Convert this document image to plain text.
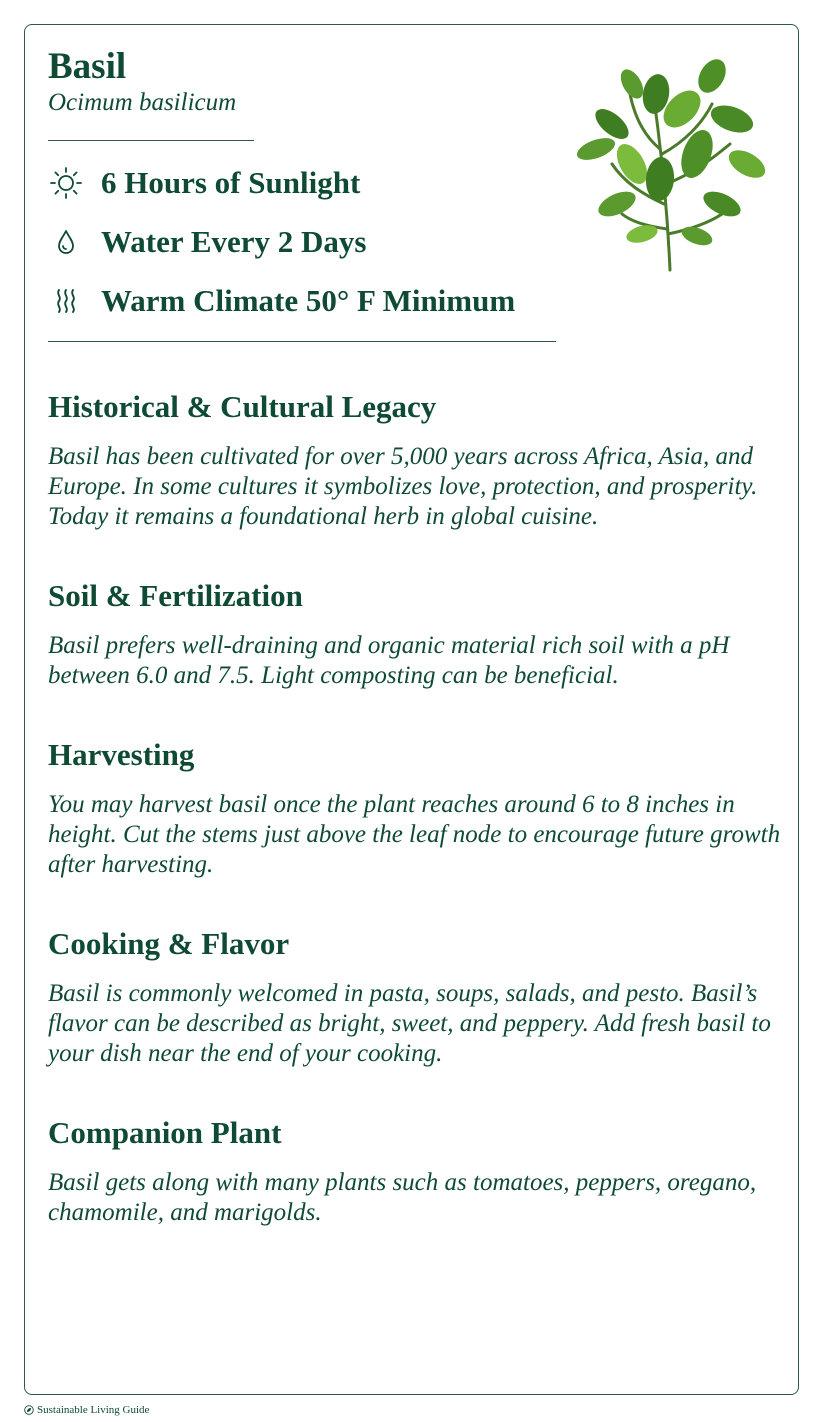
Basil
Ocimum basilicum
6 Hours of Sunlight
Water Every 2 Days
Warm Climate 50° F Minimum
Historical & Cultural Legacy

Basil has been cultivated for over 5,000 years across Africa, Asia, and Europe. In some cultures it symbolizes love, protection, and prosperity. Today it remains a foundational herb in global cuisine.

Soil & Fertilization

Basil prefers well-draining and organic material rich soil with a pH between 6.0 and 7.5. Light composting can be beneficial.

Harvesting

You may harvest basil once the plant reaches around 6 to 8 inches in height. Cut the stems just above the leaf node to encourage future growth after harvesting.

Cooking & Flavor

Basil is commonly welcomed in pasta, soups, salads, and pesto. Basil’s flavor can be described as bright, sweet, and peppery. Add fresh basil to your dish near the end of your cooking.

Companion Plant

Basil gets along with many plants such as tomatoes, peppers, oregano, chamomile, and marigolds.

Sustainable Living Guide
